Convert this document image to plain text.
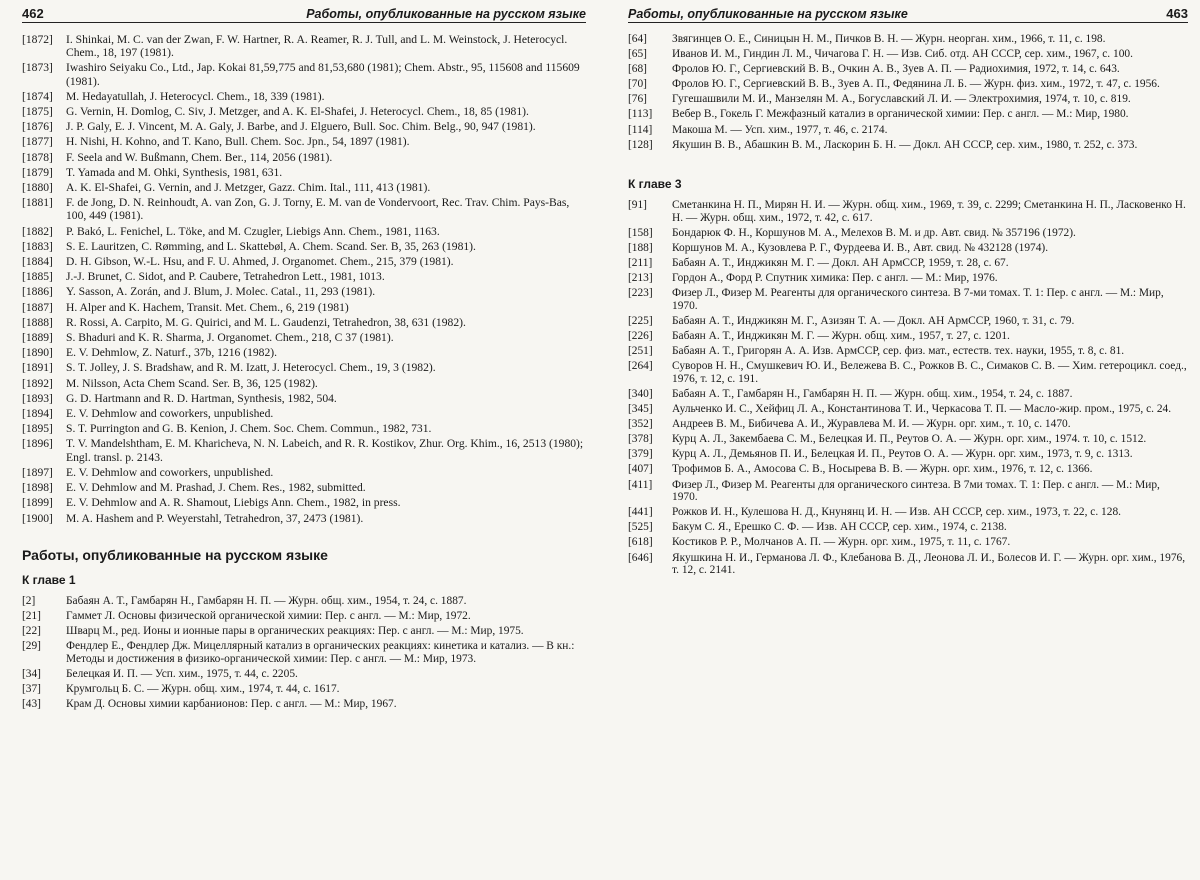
462	Работы, опубликованные на русском языке
[1872]	I. Shinkai, M. C. van der Zwan, F. W. Hartner, R. A. Reamer, R. J. Tull, and L. M. Weinstock, J. Heterocycl. Chem., 18, 197 (1981).
[1873]	Iwashiro Seiyaku Co., Ltd., Jap. Kokai 81,59,775 and 81,53,680 (1981); Chem. Abstr., 95, 115608 and 115609 (1981).
[1874]	M. Hedayatullah, J. Heterocycl. Chem., 18, 339 (1981).
[1875]	G. Vernin, H. Domlog, C. Siv, J. Metzger, and A. K. El-Shafei, J. Heterocycl. Chem., 18, 85 (1981).
[1876]	J. P. Galy, E. J. Vincent, M. A. Galy, J. Barbe, and J. Elguero, Bull. Soc. Chim. Belg., 90, 947 (1981).
[1877]	H. Nishi, H. Kohno, and T. Kano, Bull. Chem. Soc. Jpn., 54, 1897 (1981).
[1878]	F. Seela and W. Bußmann, Chem. Ber., 114, 2056 (1981).
[1879]	T. Yamada and M. Ohki, Synthesis, 1981, 631.
[1880]	A. K. El-Shafei, G. Vernin, and J. Metzger, Gazz. Chim. Ital., 111, 413 (1981).
[1881]	F. de Jong, D. N. Reinhoudt, A. van Zon, G. J. Torny, E. M. van de Vondervoort, Rec. Trav. Chim. Pays-Bas, 100, 449 (1981).
[1882]	P. Bakó, L. Fenichel, L. Töke, and M. Czugler, Liebigs Ann. Chem., 1981, 1163.
[1883]	S. E. Lauritzen, C. Rømming, and L. Skattebøl, A. Chem. Scand. Ser. B, 35, 263 (1981).
[1884]	D. H. Gibson, W.-L. Hsu, and F. U. Ahmed, J. Organomet. Chem., 215, 379 (1981).
[1885]	J.-J. Brunet, C. Sidot, and P. Caubere, Tetrahedron Lett., 1981, 1013.
[1886]	Y. Sasson, A. Zorán, and J. Blum, J. Molec. Catal., 11, 293 (1981).
[1887]	H. Alper and K. Hachem, Transit. Met. Chem., 6, 219 (1981)
[1888]	R. Rossi, A. Carpito, M. G. Quirici, and M. L. Gaudenzi, Tetrahedron, 38, 631 (1982).
[1889]	S. Bhaduri and K. R. Sharma, J. Organomet. Chem., 218, C 37 (1981).
[1890]	E. V. Dehmlow, Z. Naturf., 37b, 1216 (1982).
[1891]	S. T. Jolley, J. S. Bradshaw, and R. M. Izatt, J. Heterocycl. Chem., 19, 3 (1982).
[1892]	M. Nilsson, Acta Chem Scand. Ser. B, 36, 125 (1982).
[1893]	G. D. Hartmann and R. D. Hartman, Synthesis, 1982, 504.
[1894]	E. V. Dehmlow and coworkers, unpublished.
[1895]	S. T. Purrington and G. B. Kenion, J. Chem. Soc. Chem. Commun., 1982, 731.
[1896]	T. V. Mandelshtham, E. M. Kharicheva, N. N. Labeich, and R. R. Kostikov, Zhur. Org. Khim., 16, 2513 (1980); Engl. transl. p. 2143.
[1897]	E. V. Dehmlow and coworkers, unpublished.
[1898]	E. V. Dehmlow and M. Prashad, J. Chem. Res., 1982, submitted.
[1899]	E. V. Dehmlow and A. R. Shamout, Liebigs Ann. Chem., 1982, in press.
[1900]	M. A. Hashem and P. Weyerstahl, Tetrahedron, 37, 2473 (1981).
Работы, опубликованные на русском языке
К главе 1
[2]	Бабаян А. Т., Гамбарян Н., Гамбарян Н. П. — Журн. общ. хим., 1954, т. 24, с. 1887.
[21]	Гаммет Л. Основы физической органической химии: Пер. с англ. — М.: Мир, 1972.
[22]	Шварц М., ред. Ионы и ионные пары в органических реакциях: Пер. с англ. — М.: Мир, 1975.
[29]	Фендлер Е., Фендлер Дж. Мицеллярный катализ в органических реакциях: кинетика и катализ. — В кн.: Методы и достижения в физико-органической химии: Пер. с англ. — М.: Мир, 1973.
[34]	Белецкая И. П. — Усп. хим., 1975, т. 44, с. 2205.
[37]	Крумгольц Б. С. — Журн. общ. хим., 1974, т. 44, с. 1617.
[43]	Крам Д. Основы химии карбанионов: Пер. с англ. — М.: Мир, 1967.
Работы, опубликованные на русском языке	463
[64]	Звягинцев О. Е., Синицын Н. М., Пичков В. Н. — Журн. неорган. хим., 1966, т. 11, с. 198.
[65]	Иванов И. М., Гиндин Л. М., Чичагова Г. Н. — Изв. Сиб. отд. АН СССР, сер. хим., 1967, с. 100.
[68]	Фролов Ю. Г., Сергиевский В. В., Очкин А. В., Зуев А. П. — Радиохимия, 1972, т. 14, с. 643.
[70]	Фролов Ю. Г., Сергиевский В. В., Зуев А. П., Федянина Л. Б. — Журн. физ. хим., 1972, т. 47, с. 1956.
[76]	Гугешашвили М. И., Манзелян М. А., Богуславский Л. И. — Электрохимия, 1974, т. 10, с. 819.
[113]	Вебер В., Гокель Г. Межфазный катализ в органической химии: Пер. с англ. — М.: Мир, 1980.
[114]	Макоша М. — Усп. хим., 1977, т. 46, с. 2174.
[128]	Якушин В. В., Абашкин В. М., Ласкорин Б. Н. — Докл. АН СССР, сер. хим., 1980, т. 252, с. 373.
К главе 3
[91]	Сметанкина Н. П., Мирян Н. И. — Журн. общ. хим., 1969, т. 39, с. 2299; Сметанкина Н. П., Ласковенко Н. Н. — Журн. общ. хим., 1972, т. 42, с. 617.
[158]	Бондарюк Ф. Н., Коршунов М. А., Мелехов В. М. и др. Авт. свид. № 357196 (1972).
[188]	Коршунов М. А., Кузовлева Р. Г., Фурдеева И. В., Авт. свид. № 432128 (1974).
[211]	Бабаян А. Т., Инджикян М. Г. — Докл. АН АрмССР, 1959, т. 28, с. 67.
[213]	Гордон А., Форд Р. Спутник химика: Пер. с англ. — М.: Мир, 1976.
[223]	Физер Л., Физер М. Реагенты для органического синтеза. В 7-ми томах. Т. 1: Пер. с англ. — М.: Мир, 1970.
[225]	Бабаян А. Т., Инджикян М. Г., Азизян Т. А. — Докл. АН АрмССР, 1960, т. 31, с. 79.
[226]	Бабаян А. Т., Инджикян М. Г. — Журн. общ. хим., 1957, т. 27, с. 1201.
[251]	Бабаян А. Т., Григорян А. А. Изв. АрмССР, сер. физ. мат., естеств. тех. науки, 1955, т. 8, с. 81.
[264]	Суворов Н. Н., Смушкевич Ю. И., Вележева В. С., Рожков В. С., Симаков С. В. — Хим. гетероцикл. соед., 1976, т. 12, с. 191.
[340]	Бабаян А. Т., Гамбарян Н., Гамбарян Н. П. — Журн. общ. хим., 1954, т. 24, с. 1887.
[345]	Аульченко И. С., Хейфиц Л. А., Константинова Т. И., Черкасова Т. П. — Масло-жир. пром., 1975, с. 24.
[352]	Андреев В. М., Бибичева А. И., Журавлева М. И. — Журн. орг. хим., т. 10, с. 1470.
[378]	Курц А. Л., Закембаева С. М., Белецкая И. П., Реутов О. А. — Журн. орг. хим., 1974. т. 10, с. 1512.
[379]	Курц А. Л., Демьянов П. И., Белецкая И. П., Реутов О. А. — Журн. орг. хим., 1973, т. 9, с. 1313.
[407]	Трофимов Б. А., Амосова С. В., Носырева В. В. — Журн. орг. хим., 1976, т. 12, с. 1366.
[411]	Физер Л., Физер М. Реагенты для органического синтеза. В 7ми томах. Т. 1: Пер. с англ. — М.: Мир, 1970.
[441]	Рожков И. Н., Кулешова Н. Д., Кнунянц И. Н. — Изв. АН СССР, сер. хим., 1973, т. 22, с. 128.
[525]	Бакум С. Я., Ерешко С. Ф. — Изв. АН СССР, сер. хим., 1974, с. 2138.
[618]	Костиков Р. Р., Молчанов А. П. — Журн. орг. хим., 1975, т. 11, с. 1767.
[646]	Якушкина Н. И., Германова Л. Ф., Клебанова В. Д., Леонова Л. И., Болесов И. Г. — Журн. орг. хим., 1976, т. 12, с. 2141.
